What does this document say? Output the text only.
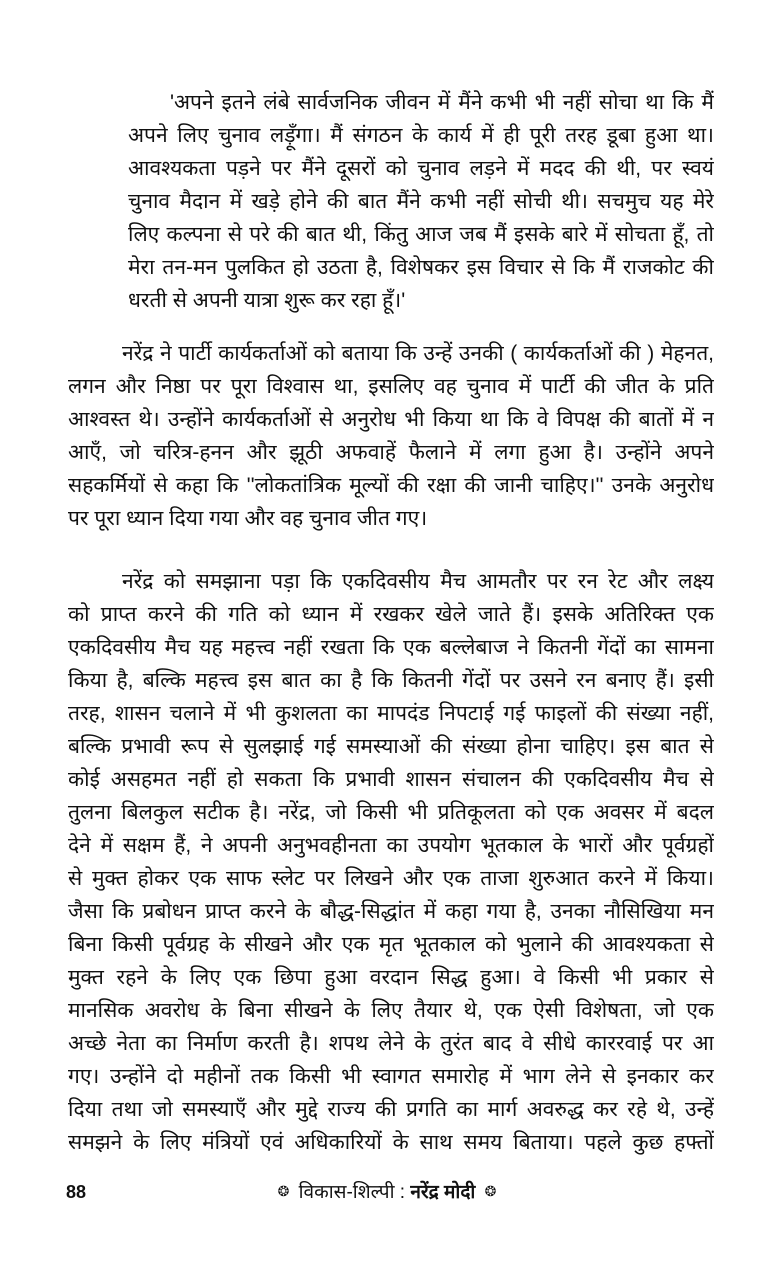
'अपने इतने लंबे सार्वजनिक जीवन में मैंने कभी भी नहीं सोचा था कि मैं
अपने लिए चुनाव लड़ूँगा। मैं संगठन के कार्य में ही पूरी तरह डूबा हुआ था।
आवश्यकता पड़ने पर मैंने दूसरों को चुनाव लड़ने में मदद की थी, पर स्वयं
चुनाव मैदान में खड़े होने की बात मैंने कभी नहीं सोची थी। सचमुच यह मेरे
लिए कल्पना से परे की बात थी, किंतु आज जब मैं इसके बारे में सोचता हूँ, तो
मेरा तन-मन पुलकित हो उठता है, विशेषकर इस विचार से कि मैं राजकोट की
धरती से अपनी यात्रा शुरू कर रहा हूँ।'
नरेंद्र ने पार्टी कार्यकर्ताओं को बताया कि उन्हें उनकी ( कार्यकर्ताओं की ) मेहनत,
लगन और निष्ठा पर पूरा विश्वास था, इसलिए वह चुनाव में पार्टी की जीत के प्रति
आश्वस्त थे। उन्होंने कार्यकर्ताओं से अनुरोध भी किया था कि वे विपक्ष की बातों में न
आएँ, जो चरित्र-हनन और झूठी अफवाहें फैलाने में लगा हुआ है। उन्होंने अपने
सहकर्मियों से कहा कि ''लोकतांत्रिक मूल्यों की रक्षा की जानी चाहिए।'' उनके अनुरोध
पर पूरा ध्यान दिया गया और वह चुनाव जीत गए।
नरेंद्र को समझाना पड़ा कि एकदिवसीय मैच आमतौर पर रन रेट और लक्ष्य
को प्राप्त करने की गति को ध्यान में रखकर खेले जाते हैं। इसके अतिरिक्त एक
एकदिवसीय मैच यह महत्त्व नहीं रखता कि एक बल्लेबाज ने कितनी गेंदों का सामना
किया है, बल्कि महत्त्व इस बात का है कि कितनी गेंदों पर उसने रन बनाए हैं। इसी
तरह, शासन चलाने में भी कुशलता का मापदंड निपटाई गई फाइलों की संख्या नहीं,
बल्कि प्रभावी रूप से सुलझाई गई समस्याओं की संख्या होना चाहिए। इस बात से
कोई असहमत नहीं हो सकता कि प्रभावी शासन संचालन की एकदिवसीय मैच से
तुलना बिलकुल सटीक है। नरेंद्र, जो किसी भी प्रतिकूलता को एक अवसर में बदल
देने में सक्षम हैं, ने अपनी अनुभवहीनता का उपयोग भूतकाल के भारों और पूर्वग्रहों
से मुक्त होकर एक साफ स्लेट पर लिखने और एक ताजा शुरुआत करने में किया।
जैसा कि प्रबोधन प्राप्त करने के बौद्ध-सिद्धांत में कहा गया है, उनका नौसिखिया मन
बिना किसी पूर्वग्रह के सीखने और एक मृत भूतकाल को भुलाने की आवश्यकता से
मुक्त रहने के लिए एक छिपा हुआ वरदान सिद्ध हुआ। वे किसी भी प्रकार से
मानसिक अवरोध के बिना सीखने के लिए तैयार थे, एक ऐसी विशेषता, जो एक
अच्छे नेता का निर्माण करती है। शपथ लेने के तुरंत बाद वे सीधे काररवाई पर आ
गए। उन्होंने दो महीनों तक किसी भी स्वागत समारोह में भाग लेने से इनकार कर
दिया तथा जो समस्याएँ और मुद्दे राज्य की प्रगति का मार्ग अवरुद्ध कर रहे थे, उन्हें
समझने के लिए मंत्रियों एवं अधिकारियों के साथ समय बिताया। पहले कुछ हफ्तों
88	❂ विकास-शिल्पी : नरेंद्र मोदी ❂
